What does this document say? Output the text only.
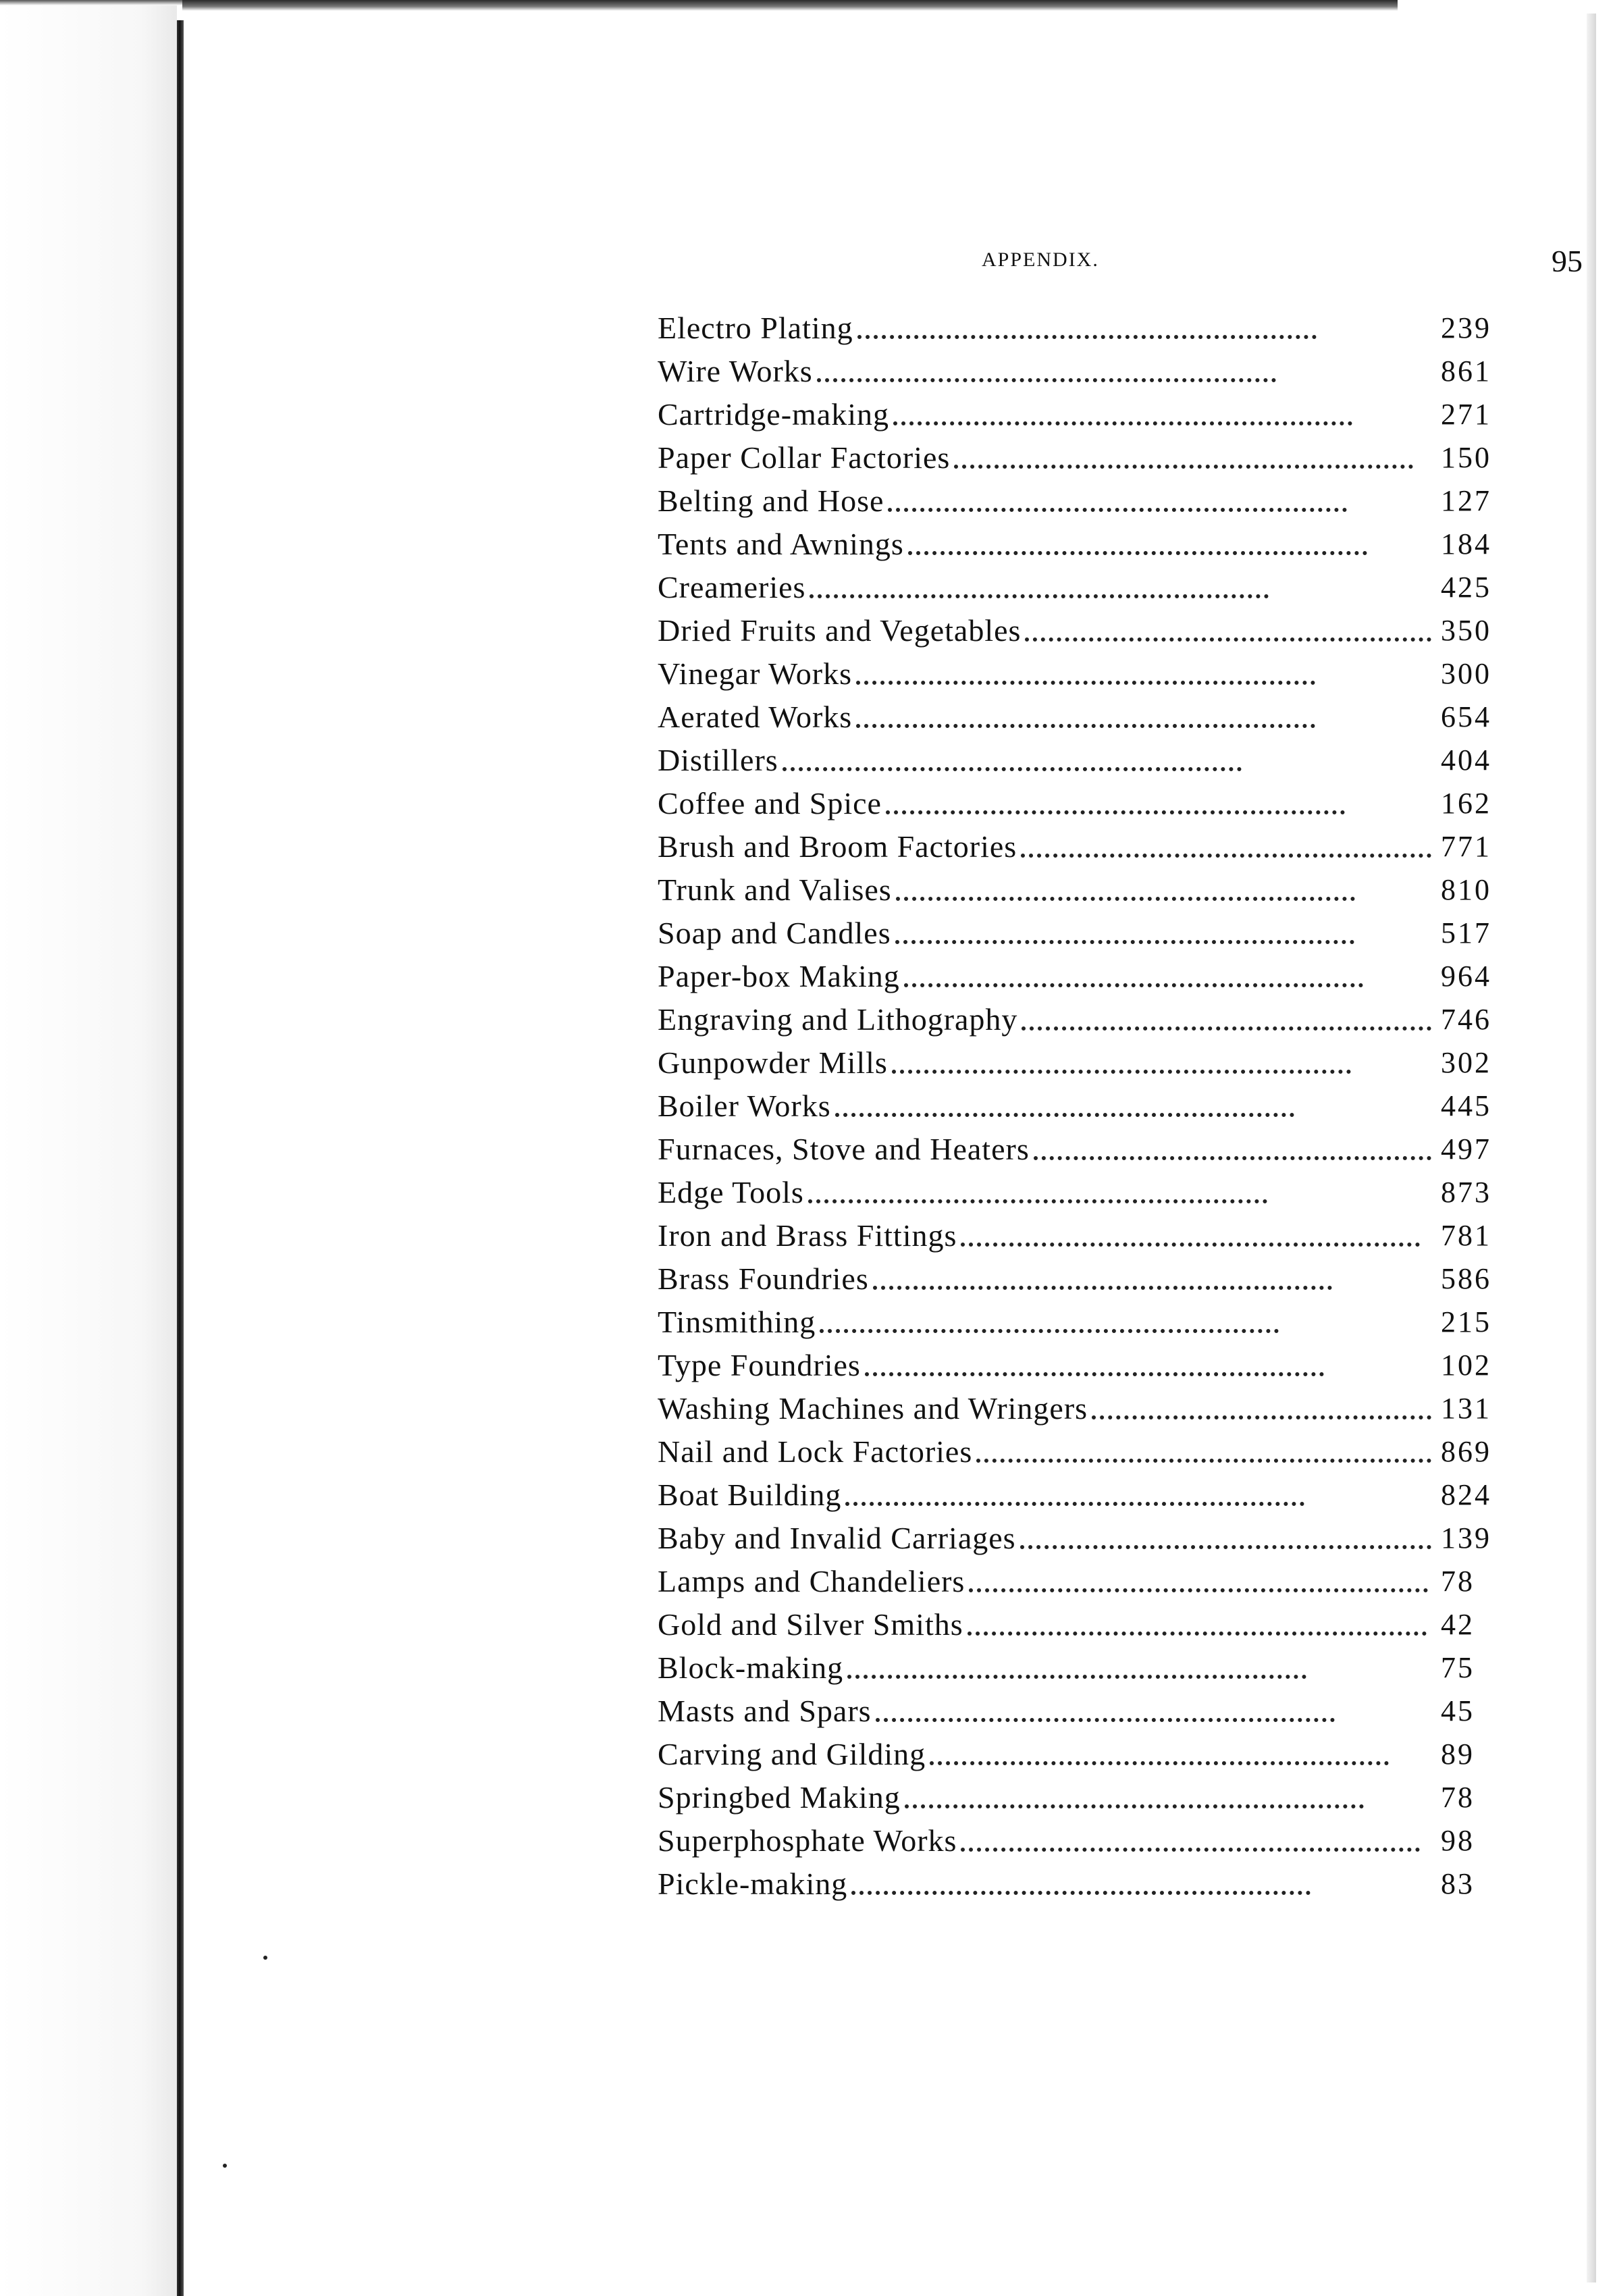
APPENDIX.	95
Electro Plating	239
Wire Works	861
Cartridge-making	271
Paper Collar Factories	150
Belting and Hose	127
Tents and Awnings	184
Creameries	425
Dried Fruits and Vegetables	350
Vinegar Works	300
Aerated Works	654
Distillers	404
Coffee and Spice	162
Brush and Broom Factories	771
Trunk and Valises	810
Soap and Candles	517
Paper-box Making	964
Engraving and Lithography	746
Gunpowder Mills	302
Boiler Works	445
Furnaces, Stove and Heaters	497
Edge Tools	873
Iron and Brass Fittings	781
Brass Foundries	586
Tinsmithing	215
Type Foundries	102
Washing Machines and Wringers	131
Nail and Lock Factories	869
Boat Building	824
Baby and Invalid Carriages	139
Lamps and Chandeliers	78
Gold and Silver Smiths	42
Block-making	75
Masts and Spars	45
Carving and Gilding	89
Springbed Making	78
Superphosphate Works	98
Pickle-making	83
